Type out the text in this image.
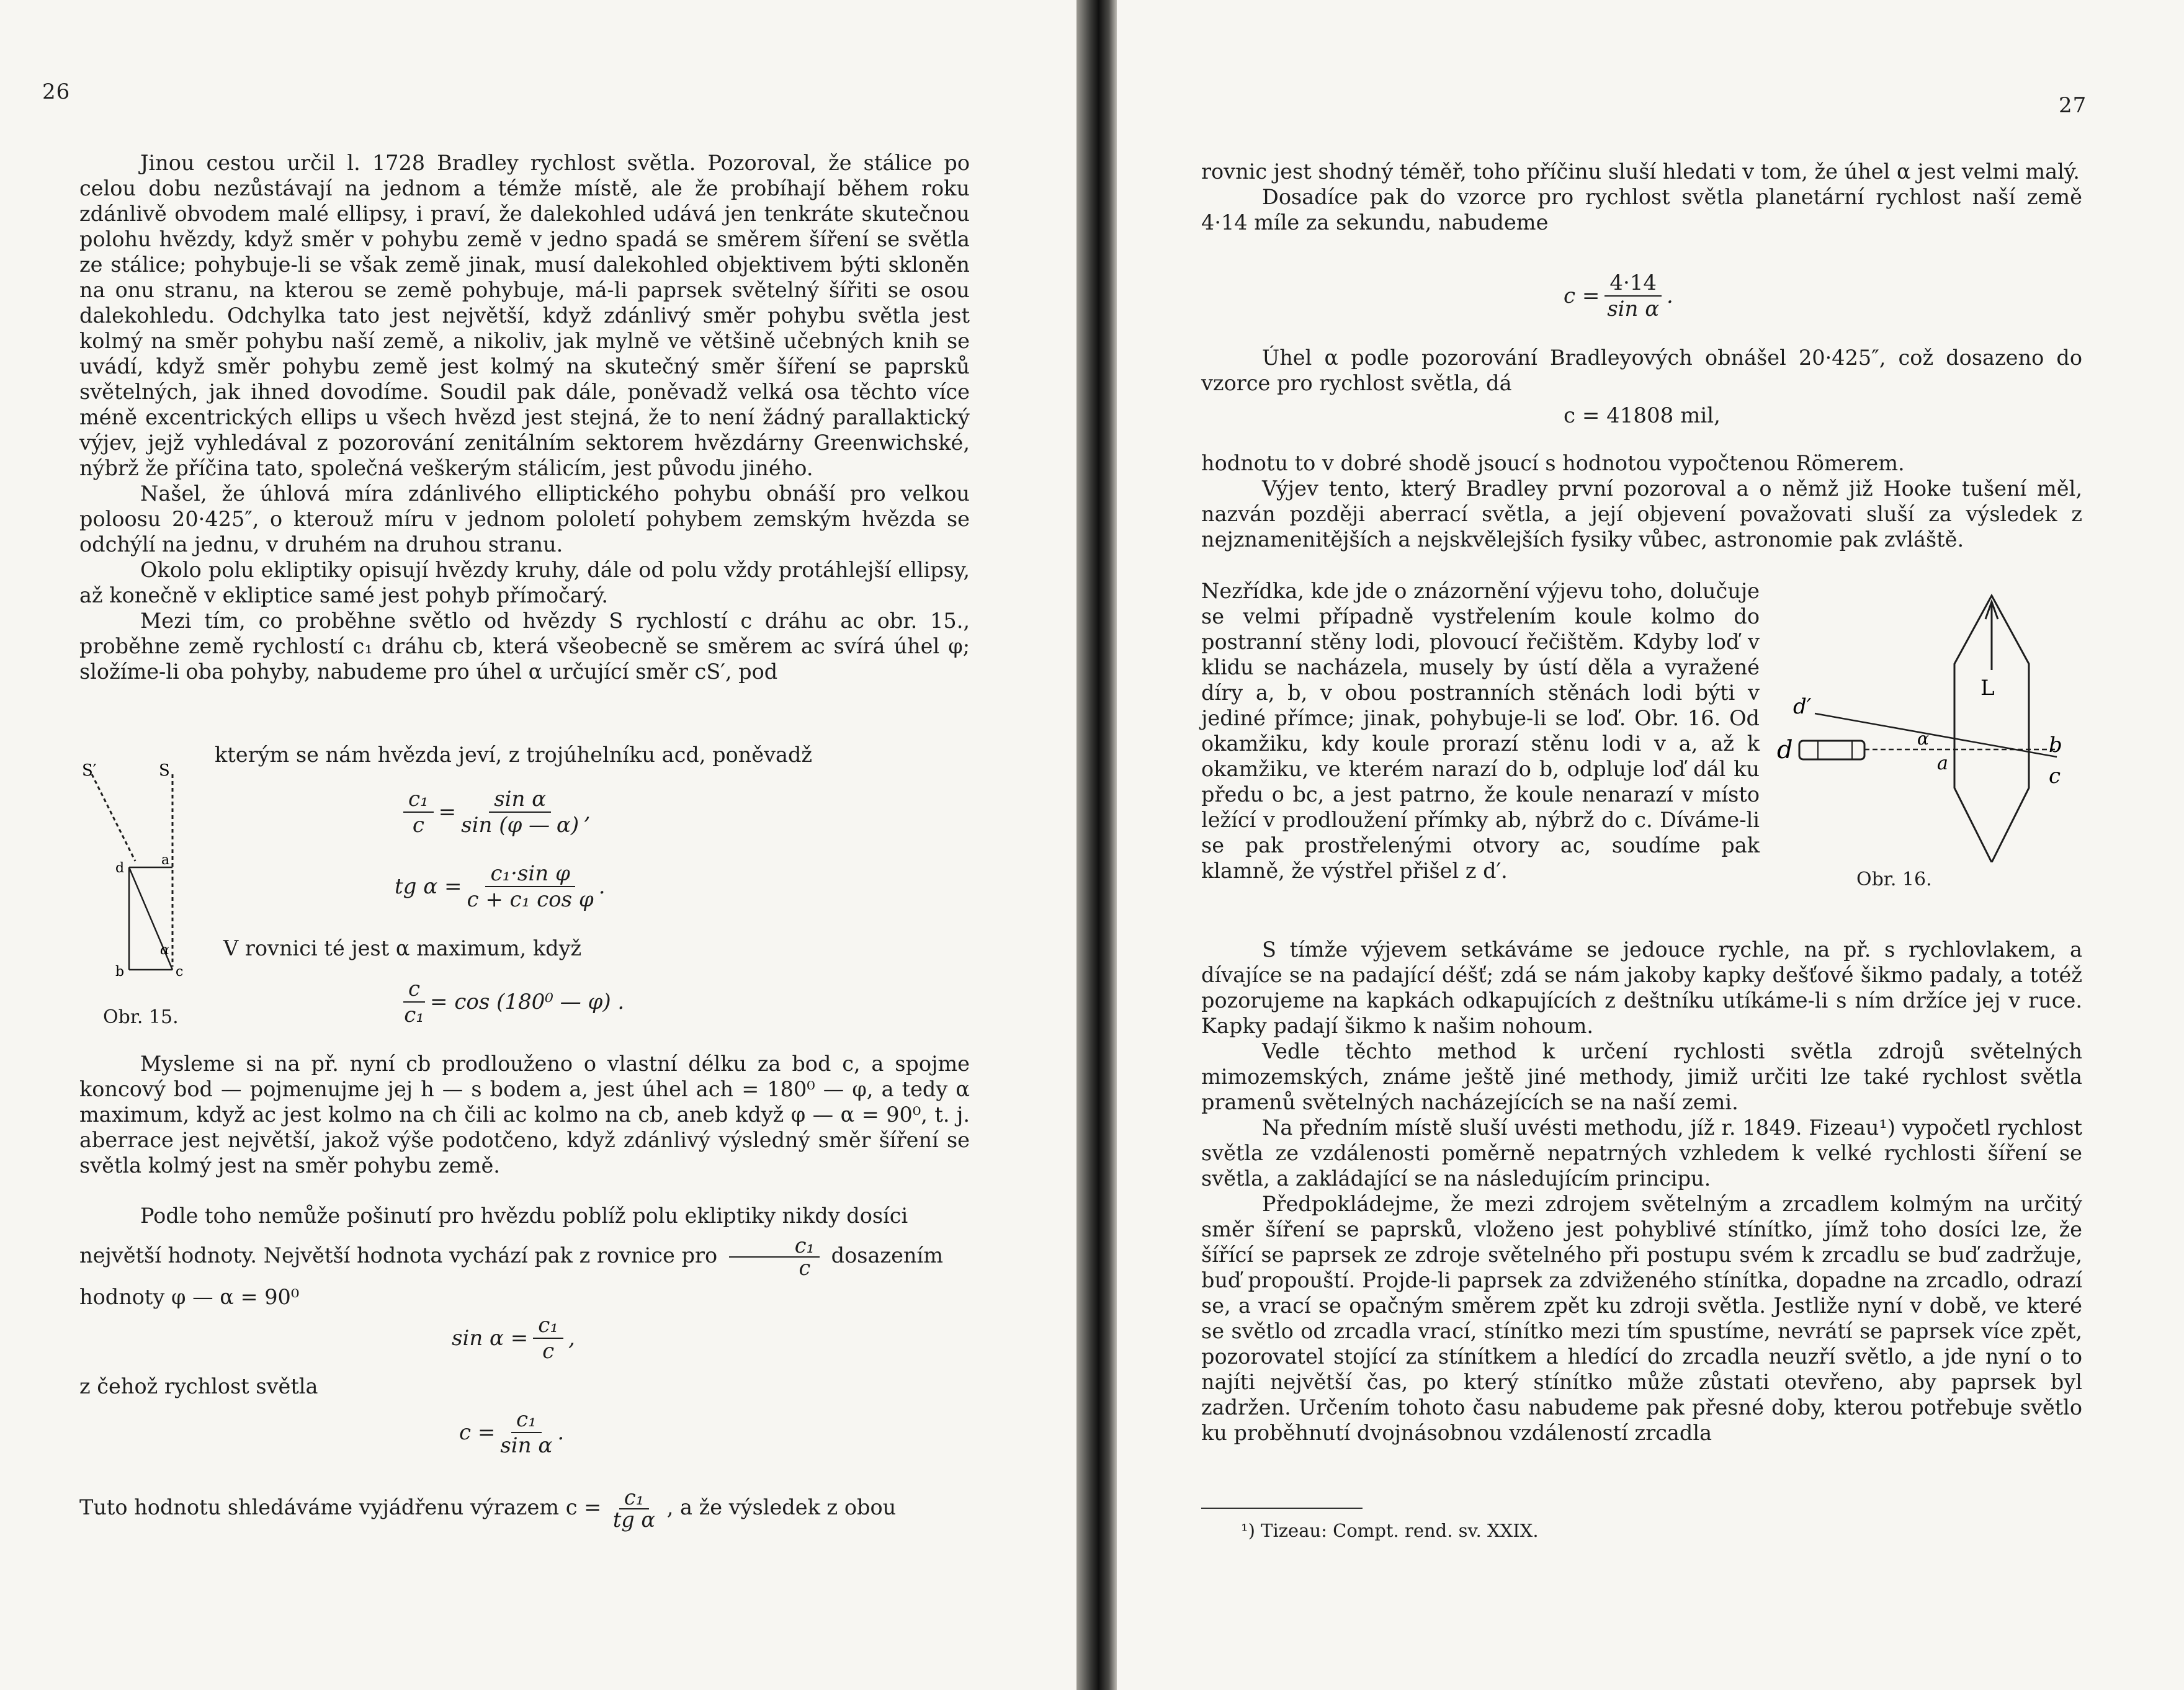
26

Jinou cestou určil l. 1728 Bradley rychlost světla. Pozoroval, že stálice po celou dobu nezůstávají na jednom a témže místě, ale že probíhají během roku zdánlivě obvodem malé ellipsy, i praví, že dalekohled udává jen tenkráte skutečnou polohu hvězdy, když směr v pohybu země v jedno spadá se směrem šíření se světla ze stálice; pohybuje-li se však země jinak, musí dalekohled objektivem býti skloněn na onu stranu, na kterou se země pohybuje, má-li paprsek světelný šířiti se osou dalekohledu. Odchylka tato jest největší, když zdánlivý směr pohybu světla jest kolmý na směr pohybu naší země, a nikoliv, jak mylně ve většině učebných knih se uvádí, když směr pohybu země jest kolmý na skutečný směr šíření se paprsků světelných, jak ihned dovodíme. Soudil pak dále, poněvadž velká osa těchto více méně excentrických ellips u všech hvězd jest stejná, že to není žádný parallaktický výjev, jejž vyhledával z pozorování zenitálním sektorem hvězdárny Greenwichské, nýbrž že příčina tato, společná veškerým stálicím, jest původu jiného.

Našel, že úhlová míra zdánlivého elliptického pohybu obnáší pro velkou poloosu 20·425″, o kterouž míru v jednom pololetí pohybem zemským hvězda se odchýlí na jednu, v druhém na druhou stranu.

Okolo polu ekliptiky opisují hvězdy kruhy, dále od polu vždy protáhlejší ellipsy, až konečně v ekliptice samé jest pohyb přímočarý.

Mezi tím, co proběhne světlo od hvězdy S rychlostí c dráhu ac obr. 15., proběhne země rychlostí c₁ dráhu cb, která všeobecně se směrem ac svírá úhel φ; složíme-li oba pohyby, nabudeme pro úhel α určující směr cS′, pod

kterým se nám hvězda jeví, z trojúhelníku acd, poněvadž

S′	S
a
d
α
b	c
Obr. 15.
$\frac{\text{c₁}}{c} = \frac{\text{sin α}}{\sin (\varphi — \alpha)}$ ,
tg $\alpha = \frac{\text{c₁·sin φ}}{\text{c + c₁ cos φ}}$ .

V rovnici té jest α maximum, když

$\frac{c}{\text{c₁}} = \cos (180^0$ — φ) .

Mysleme si na př. nyní cb prodlouženo o vlastní délku za bod c, a spojme koncový bod — pojmenujme jej h — s bodem a, jest úhel ach = 180⁰ — φ, a tedy α maximum, když ac jest kolmo na ch čili ac kolmo na cb, aneb když φ — α = 90⁰, t. j. aberrace jest největší, jakož výše podotčeno, když zdánlivý výsledný směr šíření se světla kolmý jest na směr pohybu země.

Podle toho nemůže pošinutí pro hvězdu poblíž polu ekliptiky nikdy dosíci největší hodnoty. Největší hodnota vychází pak z rovnice pro $\frac{\text{c₁}}{c}$ dosazením

hodnoty φ — α = 90⁰

$\sin \alpha = \frac{\text{c₁}}{c}$ ,

z čehož rychlost světla

$c = \frac{\text{c₁}}{\text{sin α}}$ .

Tuto hodnotu shledáváme vyjádřenu výrazem $c = \frac{\text{c₁}}{\text{tg α}}$ , a že výsledek z obou

27

rovnic jest shodný téměř, toho příčinu sluší hledati v tom, že úhel α jest velmi malý.

Dosadíce pak do vzorce pro rychlost světla planetární rychlost naší země 4·14 míle za sekundu, nabudeme

$c = \frac{4\cdot 14}{\text{sin α}}$ .

Úhel α podle pozorování Bradleyových obnášel 20·425″, což dosazeno do vzorce pro rychlost světla, dá

c = 41808 mil,

hodnotu to v dobré shodě jsoucí s hodnotou vypočtenou Römerem.

Výjev tento, který Bradley první pozoroval a o němž již Hooke tušení měl, nazván později aberrací světla, a její objevení považovati sluší za výsledek z nejznamenitějších a nejskvělejších fysiky vůbec, astronomie pak zvláště.

Nezřídka, kde jde o znázornění výjevu toho, dolučuje se velmi případně vystřelením koule kolmo do postranní stěny lodi, plovoucí řečištěm. Kdyby loď v klidu se nacházela, musely by ústí děla a vyražené díry a, b, v obou postranních stěnách lodi býti v jediné přímce; jinak, pohybuje-li se loď. Obr. 16. Od okamžiku, kdy koule prorazí stěnu lodi v a, až k okamžiku, ve kterém narazí do b, odpluje loď dál ku předu o bc, a jest patrno, že koule nenarazí v místo ležící v prodloužení přímky ab, nýbrž do c. Díváme-li se pak prostřelenými otvory ac, soudíme pak klamně, že výstřel přišel z d′.

L
d′
d	α
a
b
c
Obr. 16.

S tímže výjevem setkáváme se jedouce rychle, na př. s rychlovlakem, a dívajíce se na padající déšť; zdá se nám jakoby kapky dešťové šikmo padaly, a totéž pozorujeme na kapkách odkapujících z deštníku utíkáme-li s ním držíce jej v ruce. Kapky padají šikmo k našim nohoum.

Vedle těchto method k určení rychlosti světla zdrojů světelných mimozemských, známe ještě jiné methody, jimiž určiti lze také rychlost světla pramenů světelných nacházejících se na naší zemi.

Na předním místě sluší uvésti methodu, jíž r. 1849. Fizeau¹) vypočetl rychlost světla ze vzdálenosti poměrně nepatrných vzhledem k velké rychlosti šíření se světla, a zakládající se na následujícím principu.

Předpokládejme, že mezi zdrojem světelným a zrcadlem kolmým na určitý směr šíření se paprsků, vloženo jest pohyblivé stínítko, jímž toho dosíci lze, že šířící se paprsek ze zdroje světelného při postupu svém k zrcadlu se buď zadržuje, buď propouští. Projde-li paprsek za zdviženého stínítka, dopadne na zrcadlo, odrazí se, a vrací se opačným směrem zpět ku zdroji světla. Jestliže nyní v době, ve které se světlo od zrcadla vrací, stínítko mezi tím spustíme, nevrátí se paprsek více zpět, pozorovatel stojící za stínítkem a hledící do zrcadla neuzří světlo, a jde nyní o to najíti největší čas, po který stínítko může zůstati otevřeno, aby paprsek byl zadržen. Určením tohoto času nabudeme pak přesné doby, kterou potřebuje světlo ku proběhnutí dvojnásobnou vzdáleností zrcadla

¹) Tizeau: Compt. rend. sv. XXIX.
